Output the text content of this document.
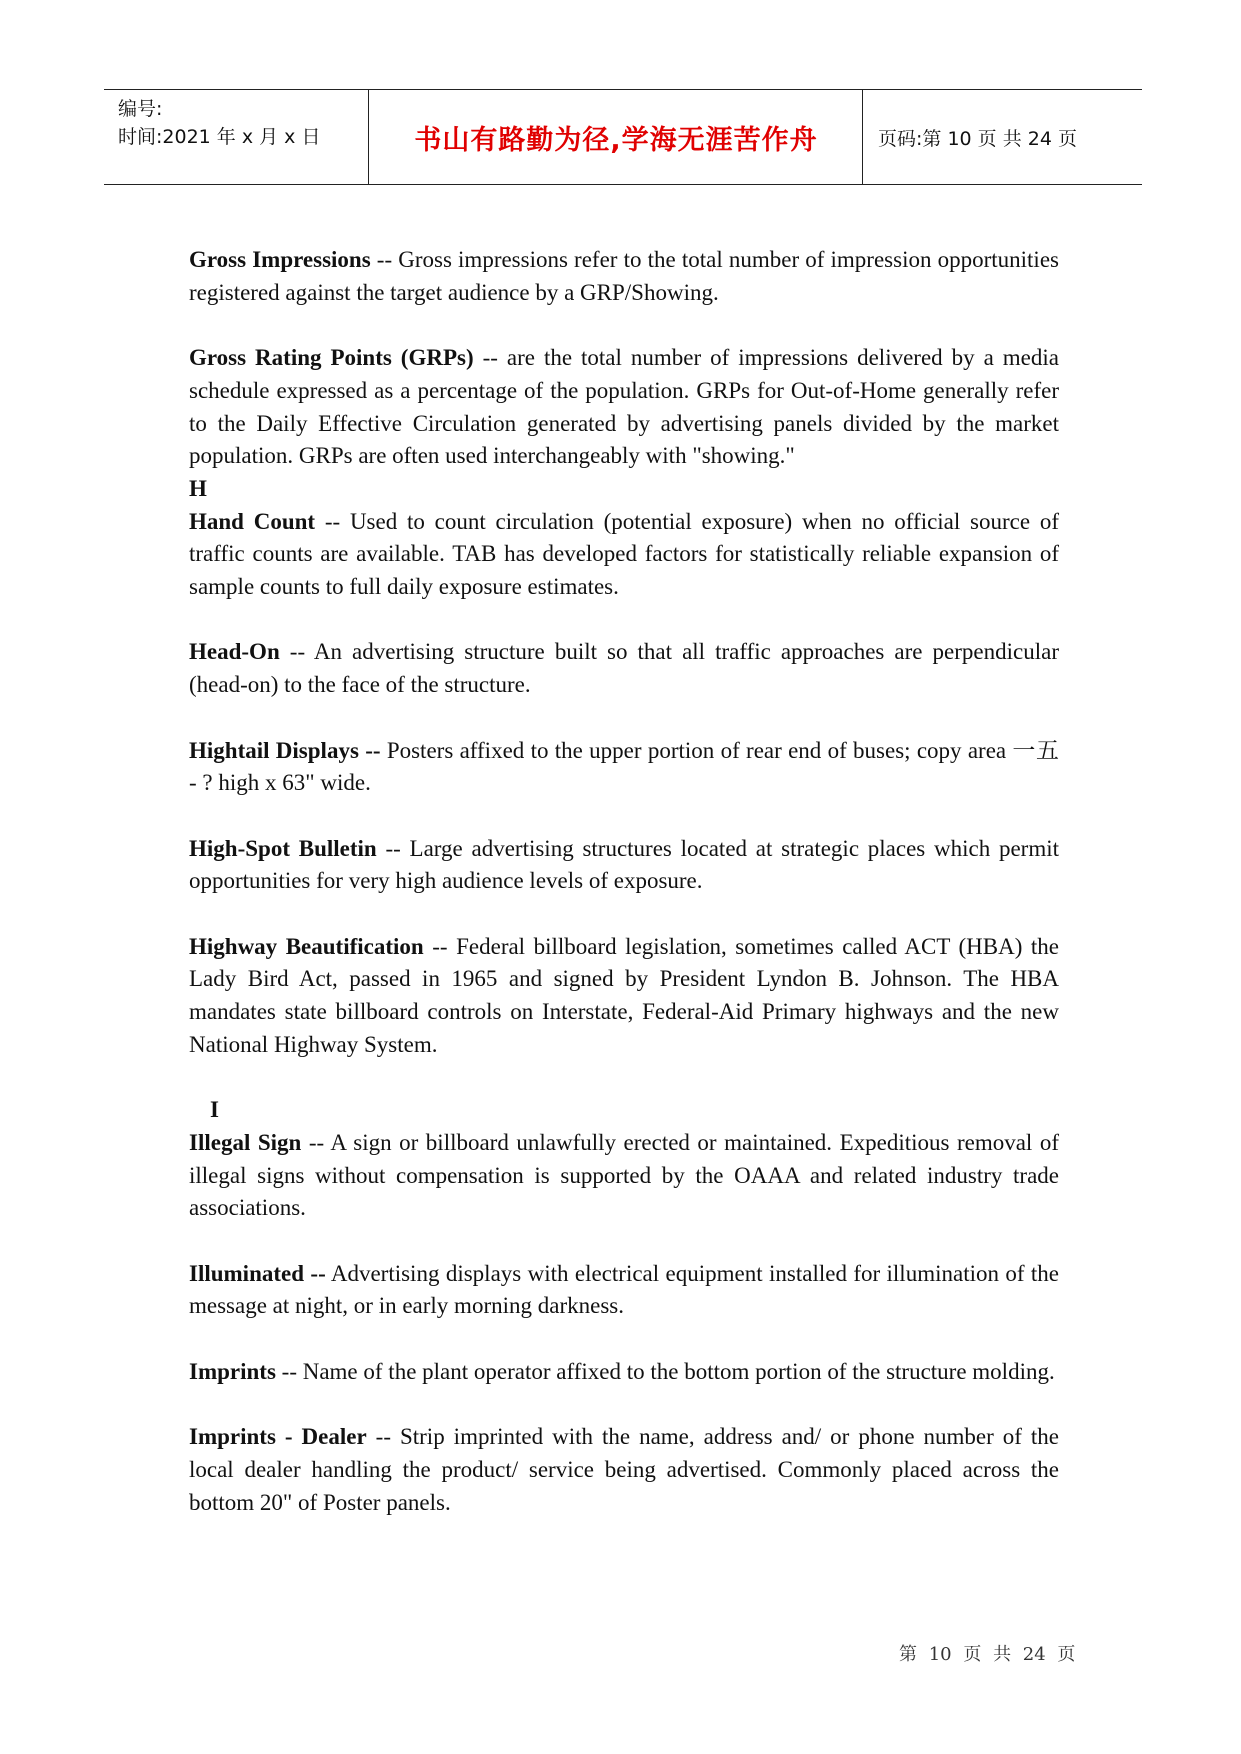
编号:
时间:2021 年 x 月 x 日	书山有路勤为径,学海无涯苦作舟	页码:第 10 页 共 24 页

Gross Impressions -- Gross impressions refer to the total number of impression opportunities registered against the target audience by a GRP/Showing.

Gross Rating Points (GRPs) -- are the total number of impressions delivered by a media schedule expressed as a percentage of the population. GRPs for Out-of-Home generally refer to the Daily Effective Circulation generated by advertising panels divided by the market population. GRPs are often used interchangeably with "showing."

H

Hand Count -- Used to count circulation (potential exposure) when no official source of traffic counts are available. TAB has developed factors for statistically reliable expansion of sample counts to full daily exposure estimates.

Head-On -- An advertising structure built so that all traffic approaches are perpendicular (head-on) to the face of the structure.

Hightail Displays -- Posters affixed to the upper portion of rear end of buses; copy area 一五 - ? high x 63" wide.

High-Spot Bulletin -- Large advertising structures located at strategic places which permit opportunities for very high audience levels of exposure.

Highway Beautification -- Federal billboard legislation, sometimes called ACT (HBA) the Lady Bird Act, passed in 1965 and signed by President Lyndon B. Johnson. The HBA mandates state billboard controls on Interstate, Federal-Aid Primary highways and the new National Highway System.

I

Illegal Sign -- A sign or billboard unlawfully erected or maintained. Expeditious removal of illegal signs without compensation is supported by the OAAA and related industry trade associations.

Illuminated -- Advertising displays with electrical equipment installed for illumination of the message at night, or in early morning darkness.

Imprints -- Name of the plant operator affixed to the bottom portion of the structure molding.

Imprints - Dealer -- Strip imprinted with the name, address and/ or phone number of the local dealer handling the product/ service being advertised. Commonly placed across the bottom 20" of Poster panels.

第 10 页 共 24 页
